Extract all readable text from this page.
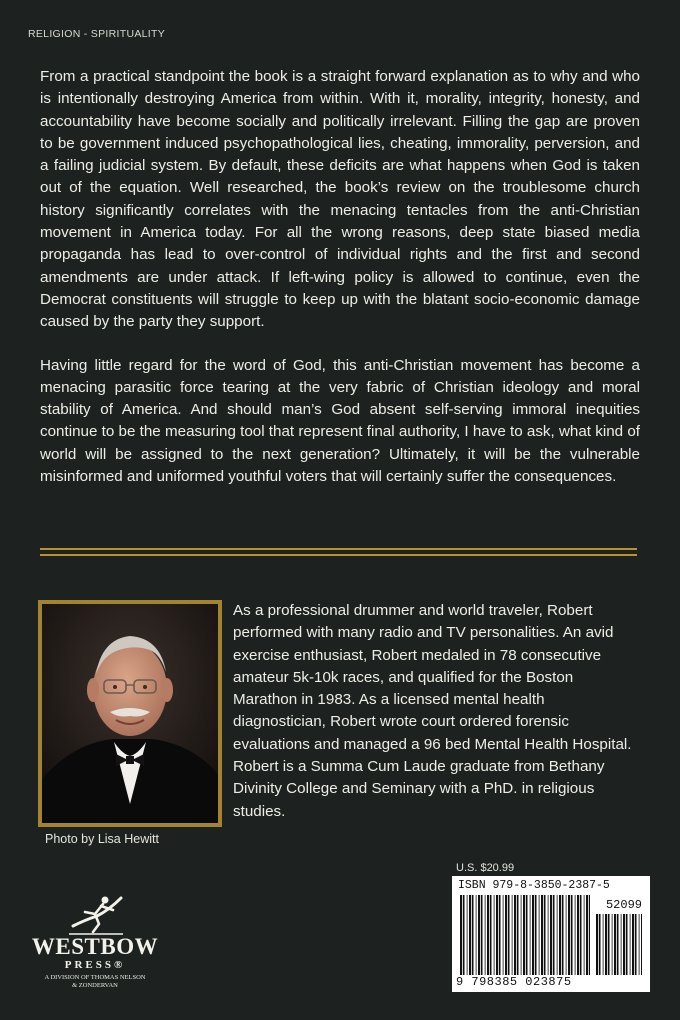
RELIGION - SPIRITUALITY

From a practical standpoint the book is a straight forward explanation as to why and who is intentionally destroying America from within. With it, morality, integrity, honesty, and accountability have become socially and politically irrelevant. Filling the gap are proven to be government induced psychopathological lies, cheating, immorality, perversion, and a failing judicial system. By default, these deficits are what happens when God is taken out of the equation. Well researched, the book’s review on the troublesome church history significantly correlates with the menacing tentacles from the anti-Christian movement in America today. For all the wrong reasons, deep state biased media propaganda has lead to over-control of individual rights and the first and second amendments are under attack. If left-wing policy is allowed to continue, even the Democrat constituents will struggle to keep up with the blatant socio-economic damage caused by the party they support.

Having little regard for the word of God, this anti-Christian movement has become a menacing parasitic force tearing at the very fabric of Christian ideology and moral stability of America. And should man’s God absent self-serving immoral inequities continue to be the measuring tool that represent final authority, I have to ask, what kind of world will be assigned to the next generation? Ultimately, it will be the vulnerable misinformed and uniformed youthful voters that will certainly suffer the consequences.

Photo by Lisa Hewitt
As a professional drummer and world traveler, Robert performed with many radio and TV personalities. An avid exercise enthusiast, Robert medaled in 78 consecutive amateur 5k-10k races, and qualified for the Boston Marathon in 1983. As a licensed mental health diagnostician, Robert wrote court ordered forensic evaluations and managed a 96 bed Mental Health Hospital. Robert is a Summa Cum Laude graduate from Bethany Divinity College and Seminary with a PhD. in religious studies.
WESTBOW
PRESS®
A DIVISION OF THOMAS NELSON
& ZONDERVAN
U.S. $20.99
ISBN 979-8-3850-2387-5
52099
9 798385 023875
